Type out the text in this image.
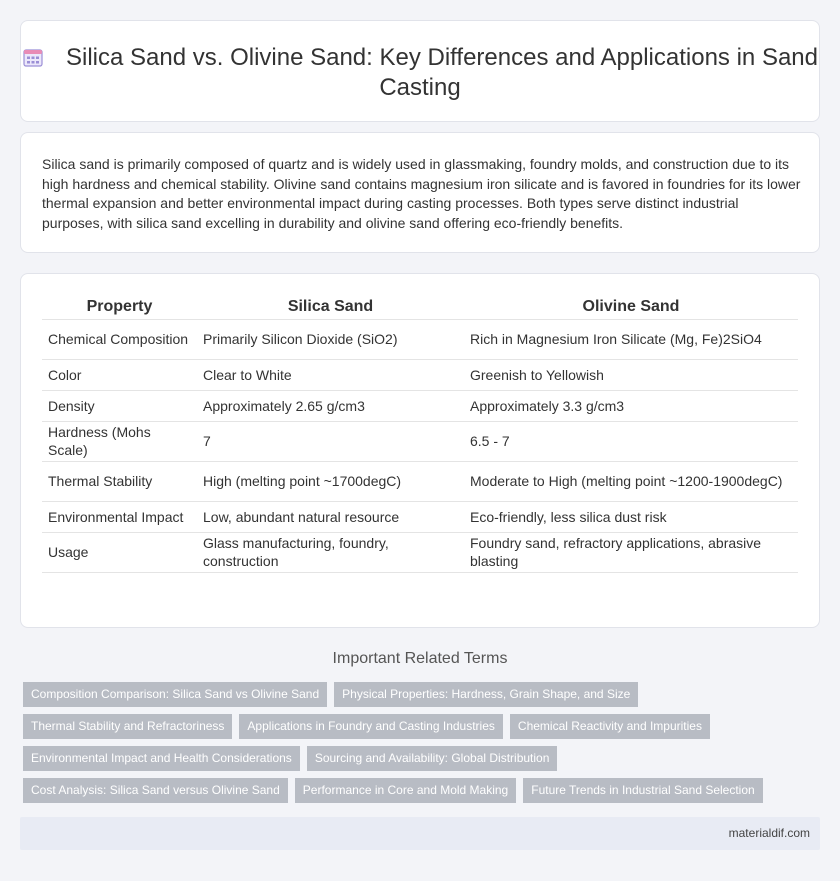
Silica Sand vs. Olivine Sand: Key Differences and Applications in Sand Casting

Silica sand is primarily composed of quartz and is widely used in glassmaking, foundry molds, and construction due to its high hardness and chemical stability. Olivine sand contains magnesium iron silicate and is favored in foundries for its lower thermal expansion and better environmental impact during casting processes. Both types serve distinct industrial purposes, with silica sand excelling in durability and olivine sand offering eco-friendly benefits.

Property	Silica Sand	Olivine Sand
Chemical Composition	Primarily Silicon Dioxide (SiO2)	Rich in Magnesium Iron Silicate (Mg, Fe)2SiO4
Color	Clear to White	Greenish to Yellowish
Density	Approximately 2.65 g/cm3	Approximately 3.3 g/cm3
Hardness (Mohs Scale)	7	6.5 - 7
Thermal Stability	High (melting point ~1700degC)	Moderate to High (melting point ~1200-1900degC)
Environmental Impact	Low, abundant natural resource	Eco-friendly, less silica dust risk
Usage	Glass manufacturing, foundry, construction	Foundry sand, refractory applications, abrasive blasting
Important Related Terms
Composition Comparison: Silica Sand vs Olivine Sand	Physical Properties: Hardness, Grain Shape, and Size
Thermal Stability and Refractoriness	Applications in Foundry and Casting Industries	Chemical Reactivity and Impurities
Environmental Impact and Health Considerations	Sourcing and Availability: Global Distribution
Cost Analysis: Silica Sand versus Olivine Sand	Performance in Core and Mold Making	Future Trends in Industrial Sand Selection
materialdif.com
